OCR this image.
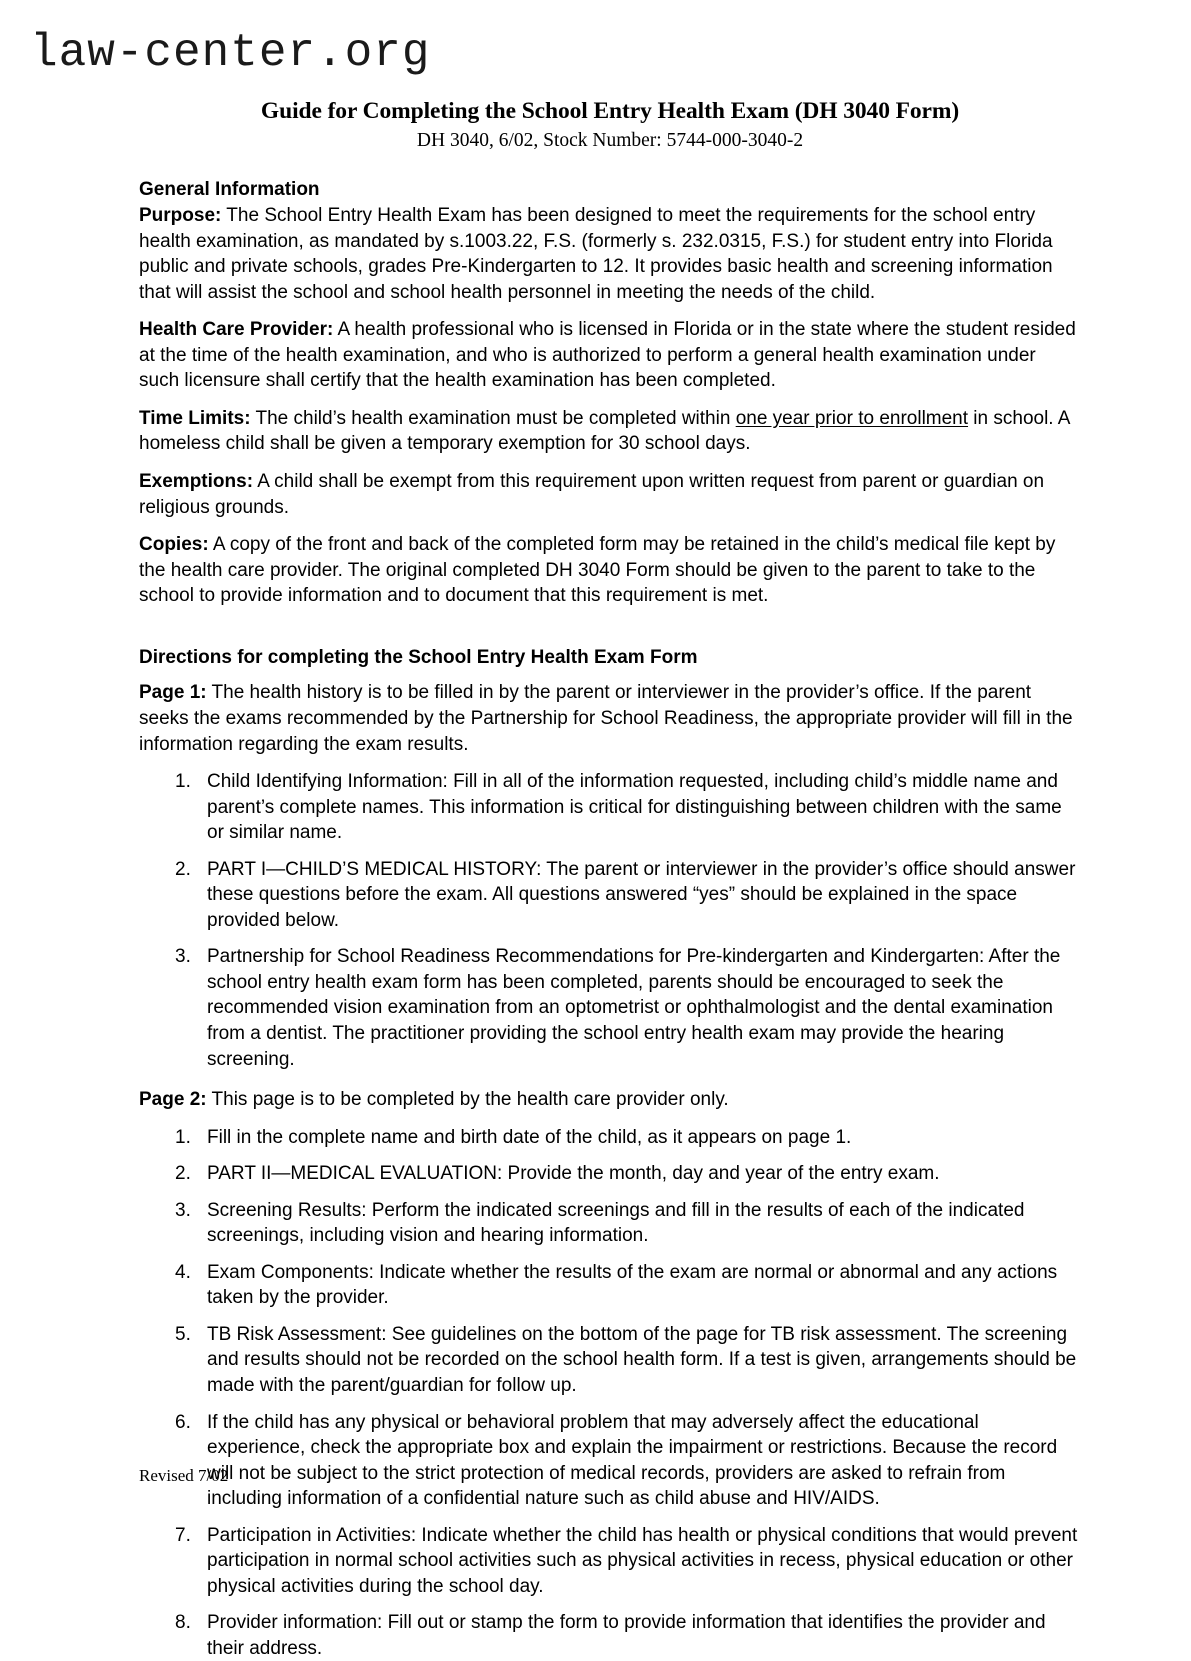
law-center.org
Guide for Completing the School Entry Health Exam (DH 3040 Form)
DH 3040, 6/02, Stock Number: 5744-000-3040-2
General Information

Purpose: The School Entry Health Exam has been designed to meet the requirements for the school entry health examination, as mandated by s.1003.22, F.S. (formerly s. 232.0315, F.S.) for student entry into Florida public and private schools, grades Pre-Kindergarten to 12. It provides basic health and screening information that will assist the school and school health personnel in meeting the needs of the child.

Health Care Provider: A health professional who is licensed in Florida or in the state where the student resided at the time of the health examination, and who is authorized to perform a general health examination under such licensure shall certify that the health examination has been completed.

Time Limits: The child’s health examination must be completed within one year prior to enrollment in school. A homeless child shall be given a temporary exemption for 30 school days.

Exemptions: A child shall be exempt from this requirement upon written request from parent or guardian on religious grounds.

Copies: A copy of the front and back of the completed form may be retained in the child’s medical file kept by the health care provider. The original completed DH 3040 Form should be given to the parent to take to the school to provide information and to document that this requirement is met.

Directions for completing the School Entry Health Exam Form

Page 1: The health history is to be filled in by the parent or interviewer in the provider’s office. If the parent seeks the exams recommended by the Partnership for School Readiness, the appropriate provider will fill in the information regarding the exam results.

1. Child Identifying Information: Fill in all of the information requested, including child’s middle name and parent’s complete names. This information is critical for distinguishing between children with the same or similar name.
2. PART I—CHILD’S MEDICAL HISTORY: The parent or interviewer in the provider’s office should answer these questions before the exam. All questions answered “yes” should be explained in the space provided below.
3. Partnership for School Readiness Recommendations for Pre-kindergarten and Kindergarten: After the school entry health exam form has been completed, parents should be encouraged to seek the recommended vision examination from an optometrist or ophthalmologist and the dental examination from a dentist. The practitioner providing the school entry health exam may provide the hearing screening.

Page 2: This page is to be completed by the health care provider only.

1. Fill in the complete name and birth date of the child, as it appears on page 1.
2. PART II—MEDICAL EVALUATION: Provide the month, day and year of the entry exam.
3. Screening Results: Perform the indicated screenings and fill in the results of each of the indicated screenings, including vision and hearing information.
4. Exam Components: Indicate whether the results of the exam are normal or abnormal and any actions taken by the provider.
5. TB Risk Assessment: See guidelines on the bottom of the page for TB risk assessment. The screening and results should not be recorded on the school health form. If a test is given, arrangements should be made with the parent/guardian for follow up.
6. If the child has any physical or behavioral problem that may adversely affect the educational experience, check the appropriate box and explain the impairment or restrictions. Because the record will not be subject to the strict protection of medical records, providers are asked to refrain from including information of a confidential nature such as child abuse and HIV/AIDS.
7. Participation in Activities: Indicate whether the child has health or physical conditions that would prevent participation in normal school activities such as physical activities in recess, physical education or other physical activities during the school day.
8. Provider information: Fill out or stamp the form to provide information that identifies the provider and their address.
Revised 7/02
